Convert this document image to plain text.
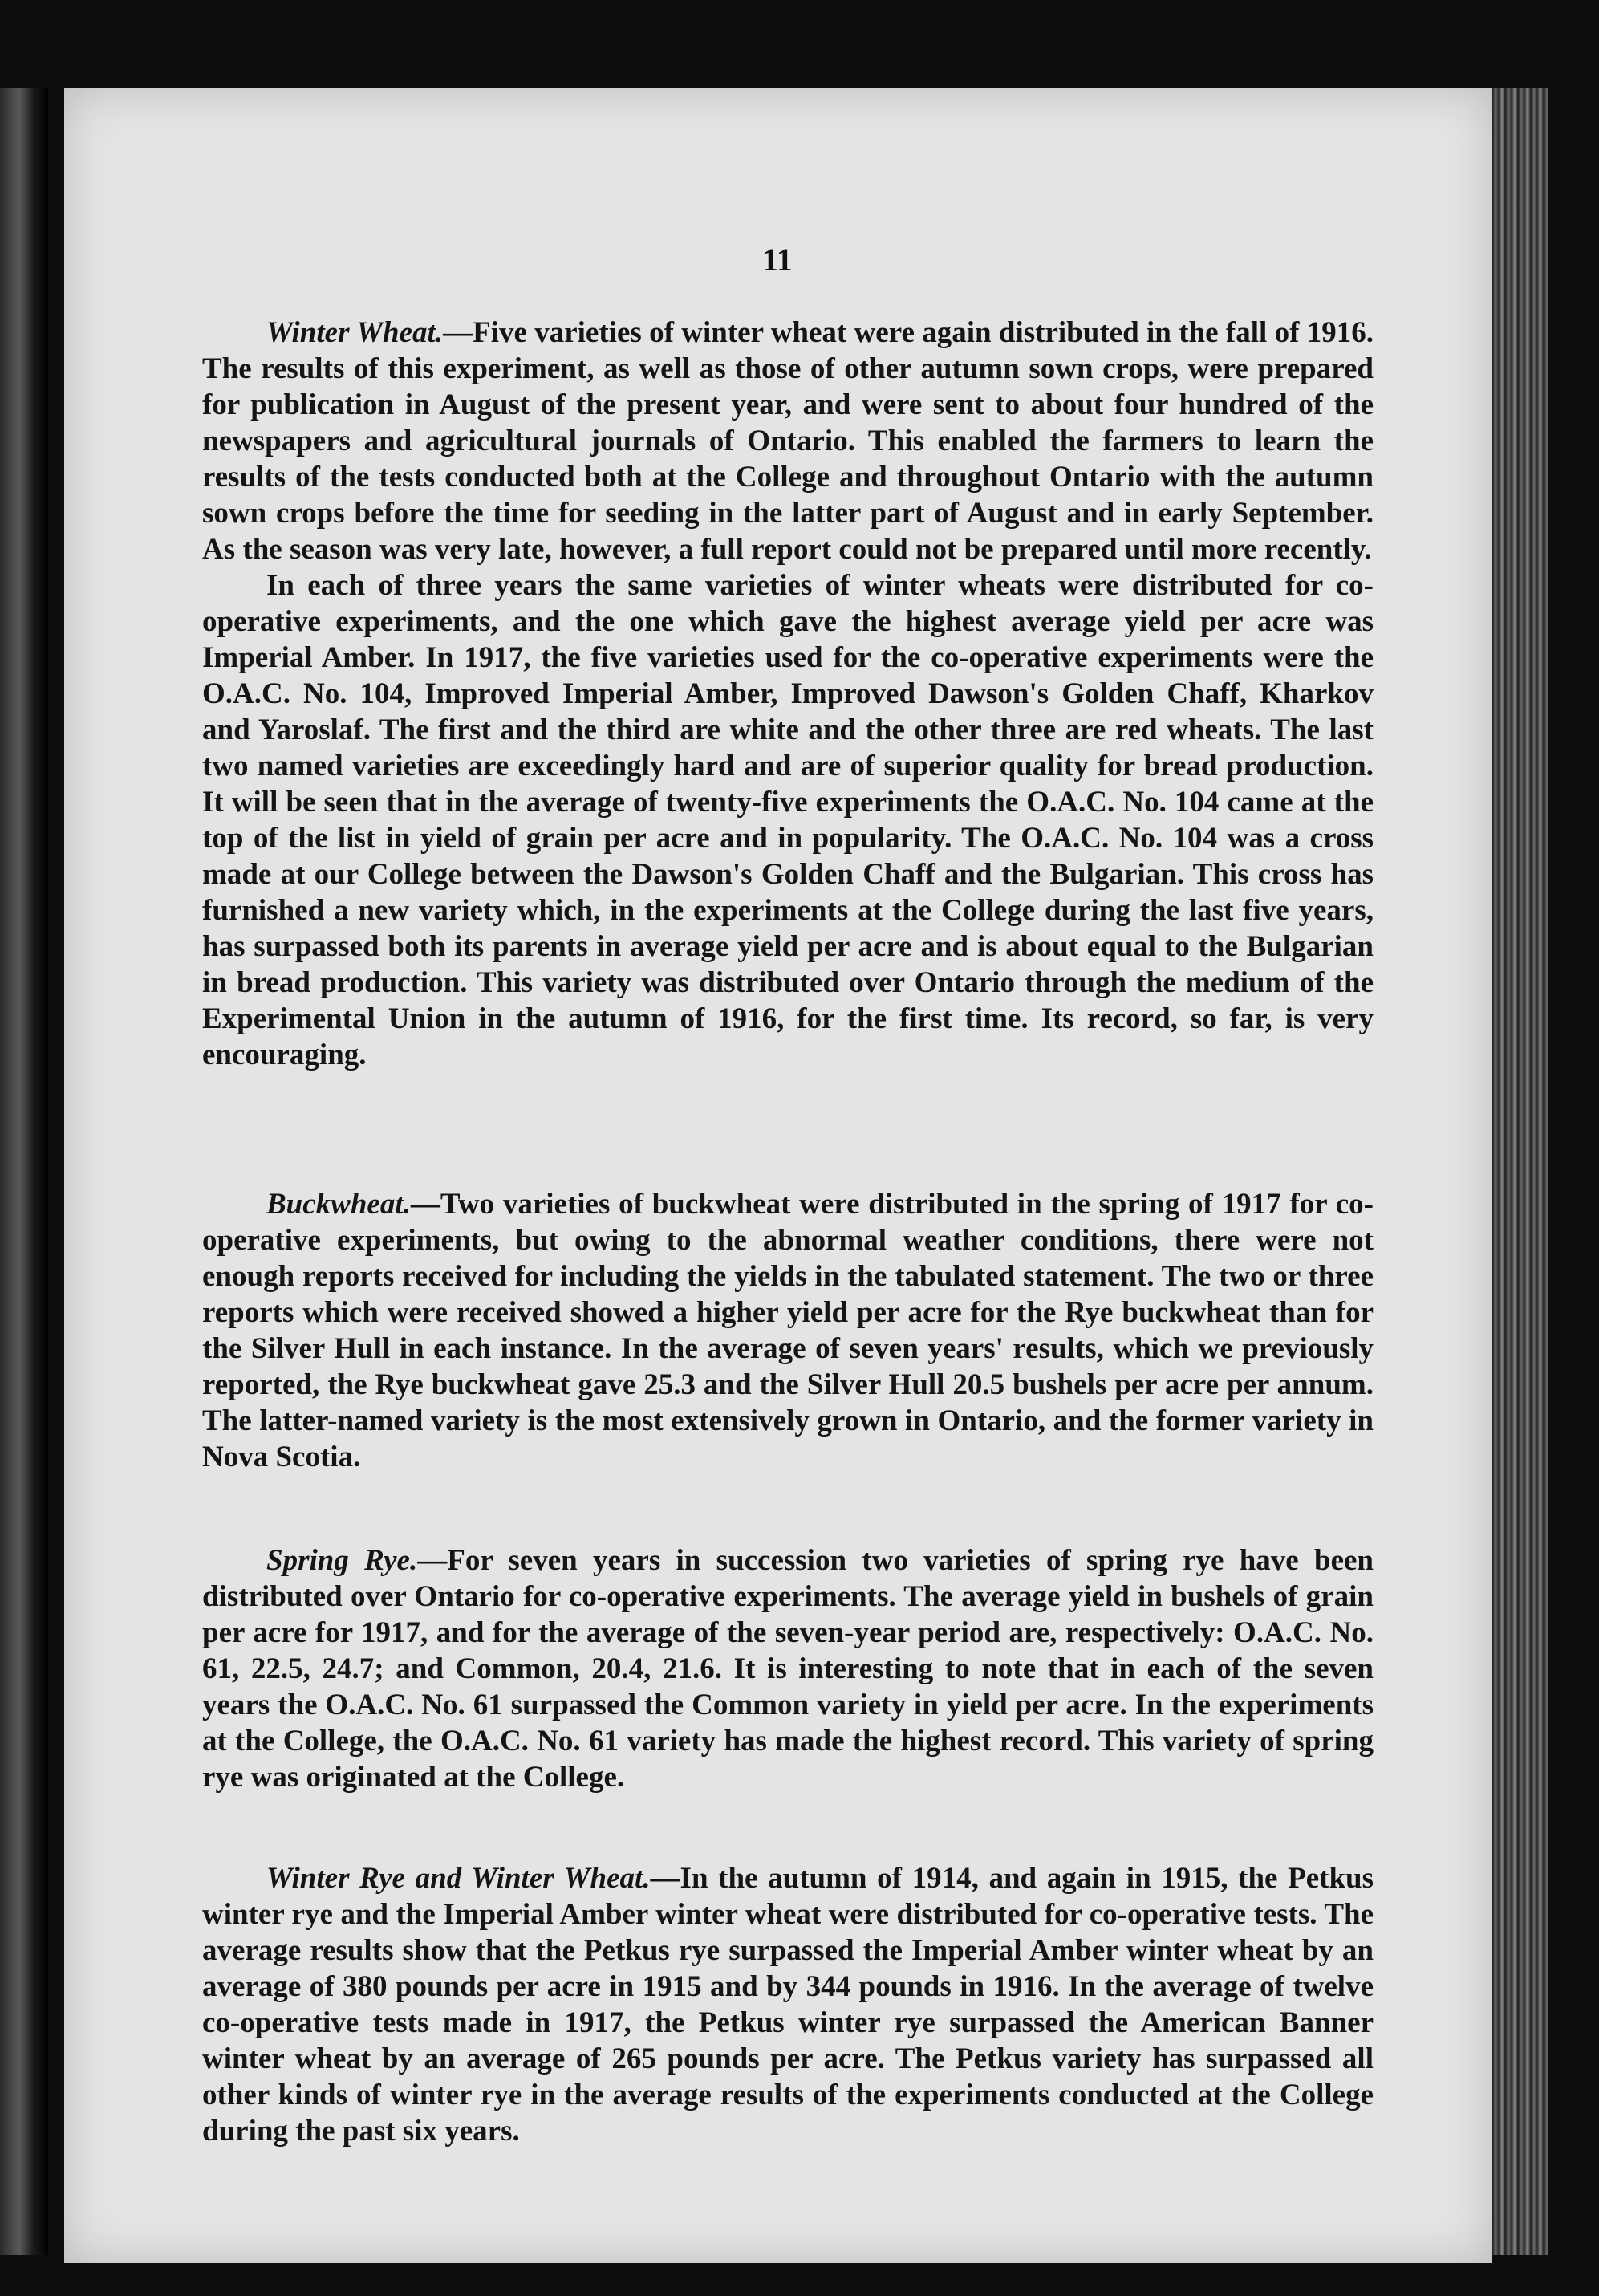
11

Winter Wheat.—Five varieties of winter wheat were again distributed in the fall of 1916. The results of this experiment, as well as those of other autumn sown crops, were prepared for publication in August of the present year, and were sent to about four hundred of the newspapers and agricultural journals of Ontario. This enabled the farmers to learn the results of the tests conducted both at the College and throughout Ontario with the autumn sown crops before the time for seeding in the latter part of August and in early September. As the season was very late, however, a full report could not be prepared until more recently.

In each of three years the same varieties of winter wheats were distributed for co-operative experiments, and the one which gave the highest average yield per acre was Imperial Amber. In 1917, the five varieties used for the co-operative experiments were the O.A.C. No. 104, Improved Imperial Amber, Improved Dawson's Golden Chaff, Kharkov and Yaroslaf. The first and the third are white and the other three are red wheats. The last two named varieties are exceedingly hard and are of superior quality for bread production. It will be seen that in the average of twenty-five experiments the O.A.C. No. 104 came at the top of the list in yield of grain per acre and in popularity. The O.A.C. No. 104 was a cross made at our College between the Dawson's Golden Chaff and the Bulgarian. This cross has furnished a new variety which, in the experiments at the College during the last five years, has surpassed both its parents in average yield per acre and is about equal to the Bulgarian in bread production. This variety was distributed over Ontario through the medium of the Experimental Union in the autumn of 1916, for the first time. Its record, so far, is very encouraging.

Buckwheat.—Two varieties of buckwheat were distributed in the spring of 1917 for co-operative experiments, but owing to the abnormal weather conditions, there were not enough reports received for including the yields in the tabulated statement. The two or three reports which were received showed a higher yield per acre for the Rye buckwheat than for the Silver Hull in each instance. In the average of seven years' results, which we previously reported, the Rye buckwheat gave 25.3 and the Silver Hull 20.5 bushels per acre per annum. The latter-named variety is the most extensively grown in Ontario, and the former variety in Nova Scotia.

Spring Rye.—For seven years in succession two varieties of spring rye have been distributed over Ontario for co-operative experiments. The average yield in bushels of grain per acre for 1917, and for the average of the seven-year period are, respectively: O.A.C. No. 61, 22.5, 24.7; and Common, 20.4, 21.6. It is interesting to note that in each of the seven years the O.A.C. No. 61 surpassed the Common variety in yield per acre. In the experiments at the College, the O.A.C. No. 61 variety has made the highest record. This variety of spring rye was originated at the College.

Winter Rye and Winter Wheat.—In the autumn of 1914, and again in 1915, the Petkus winter rye and the Imperial Amber winter wheat were distributed for co-operative tests. The average results show that the Petkus rye surpassed the Imperial Amber winter wheat by an average of 380 pounds per acre in 1915 and by 344 pounds in 1916. In the average of twelve co-operative tests made in 1917, the Petkus winter rye surpassed the American Banner winter wheat by an average of 265 pounds per acre. The Petkus variety has surpassed all other kinds of winter rye in the average results of the experiments conducted at the College during the past six years.
